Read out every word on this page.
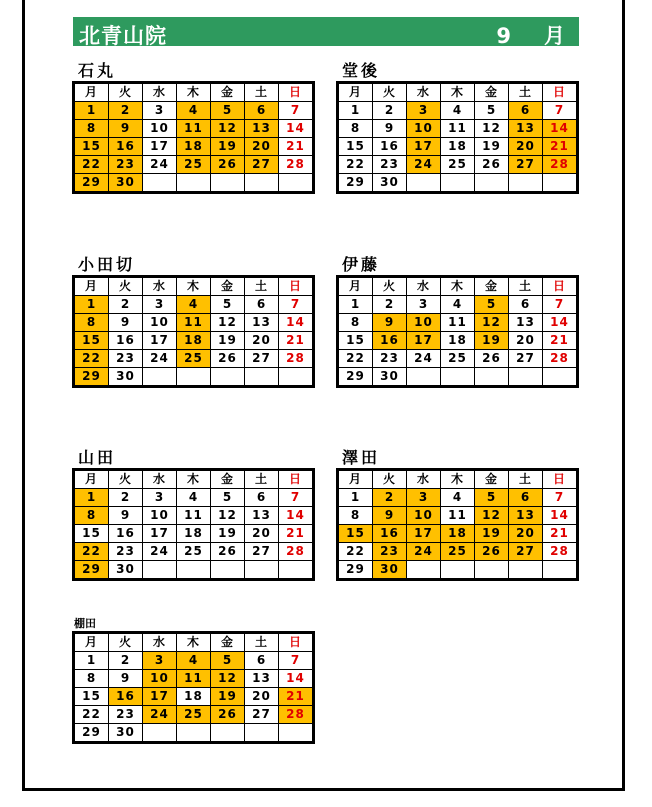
北青山院	9　月
石丸
月	火	水	木	金	土	日
1	2	3	4	5	6	7
8	9	10	11	12	13	14
15	16	17	18	19	20	21
22	23	24	25	26	27	28
29	30					
堂後
月	火	水	木	金	土	日
1	2	3	4	5	6	7
8	9	10	11	12	13	14
15	16	17	18	19	20	21
22	23	24	25	26	27	28
29	30					
小田切
月	火	水	木	金	土	日
1	2	3	4	5	6	7
8	9	10	11	12	13	14
15	16	17	18	19	20	21
22	23	24	25	26	27	28
29	30					
伊藤
月	火	水	木	金	土	日
1	2	3	4	5	6	7
8	9	10	11	12	13	14
15	16	17	18	19	20	21
22	23	24	25	26	27	28
29	30					
山田
月	火	水	木	金	土	日
1	2	3	4	5	6	7
8	9	10	11	12	13	14
15	16	17	18	19	20	21
22	23	24	25	26	27	28
29	30					
澤田
月	火	水	木	金	土	日
1	2	3	4	5	6	7
8	9	10	11	12	13	14
15	16	17	18	19	20	21
22	23	24	25	26	27	28
29	30					
棚田
月	火	水	木	金	土	日
1	2	3	4	5	6	7
8	9	10	11	12	13	14
15	16	17	18	19	20	21
22	23	24	25	26	27	28
29	30					
